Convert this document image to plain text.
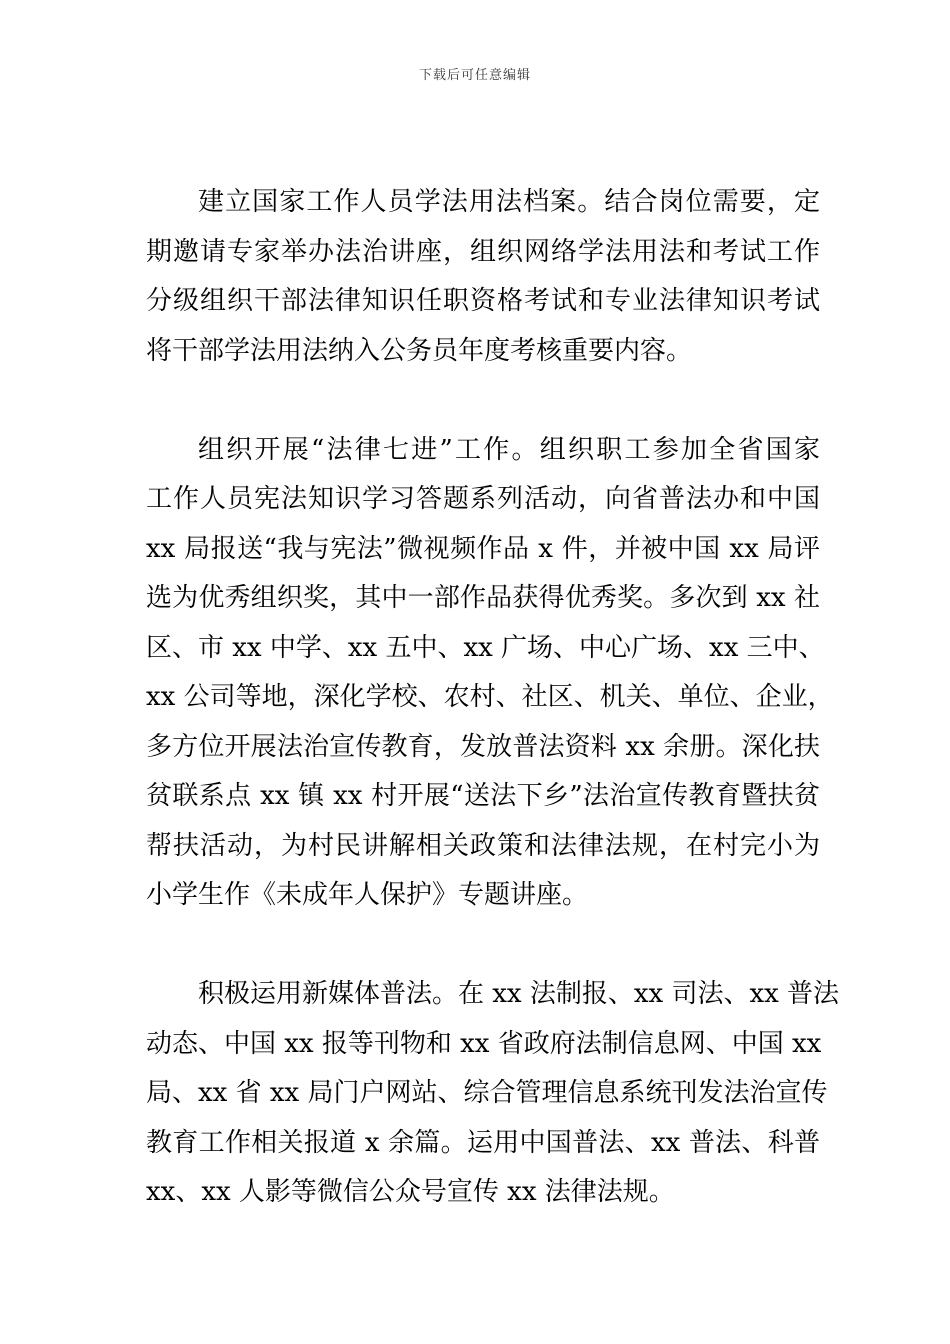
下载后可任意编辑
建立国家工作人员学法用法档案。结合岗位需要，定
期邀请专家举办法治讲座，组织网络学法用法和考试工作
分级组织干部法律知识任职资格考试和专业法律知识考试
将干部学法用法纳入公务员年度考核重要内容。
组织开展“法律七进”工作。组织职工参加全省国家
工作人员宪法知识学习答题系列活动，向省普法办和中国
xx 局报送“我与宪法”微视频作品 x 件，并被中国 xx 局评
选为优秀组织奖，其中一部作品获得优秀奖。多次到 xx 社
区、市 xx 中学、xx 五中、xx 广场、中心广场、xx 三中、
xx 公司等地，深化学校、农村、社区、机关、单位、企业，
多方位开展法治宣传教育，发放普法资料 xx 余册。深化扶
贫联系点 xx 镇 xx 村开展“送法下乡”法治宣传教育暨扶贫
帮扶活动，为村民讲解相关政策和法律法规，在村完小为
小学生作《未成年人保护》专题讲座。
积极运用新媒体普法。在 xx 法制报、xx 司法、xx 普法
动态、中国 xx 报等刊物和 xx 省政府法制信息网、中国 xx
局、xx 省 xx 局门户网站、综合管理信息系统刊发法治宣传
教育工作相关报道 x 余篇。运用中国普法、xx 普法、科普
xx、xx 人影等微信公众号宣传 xx 法律法规。
